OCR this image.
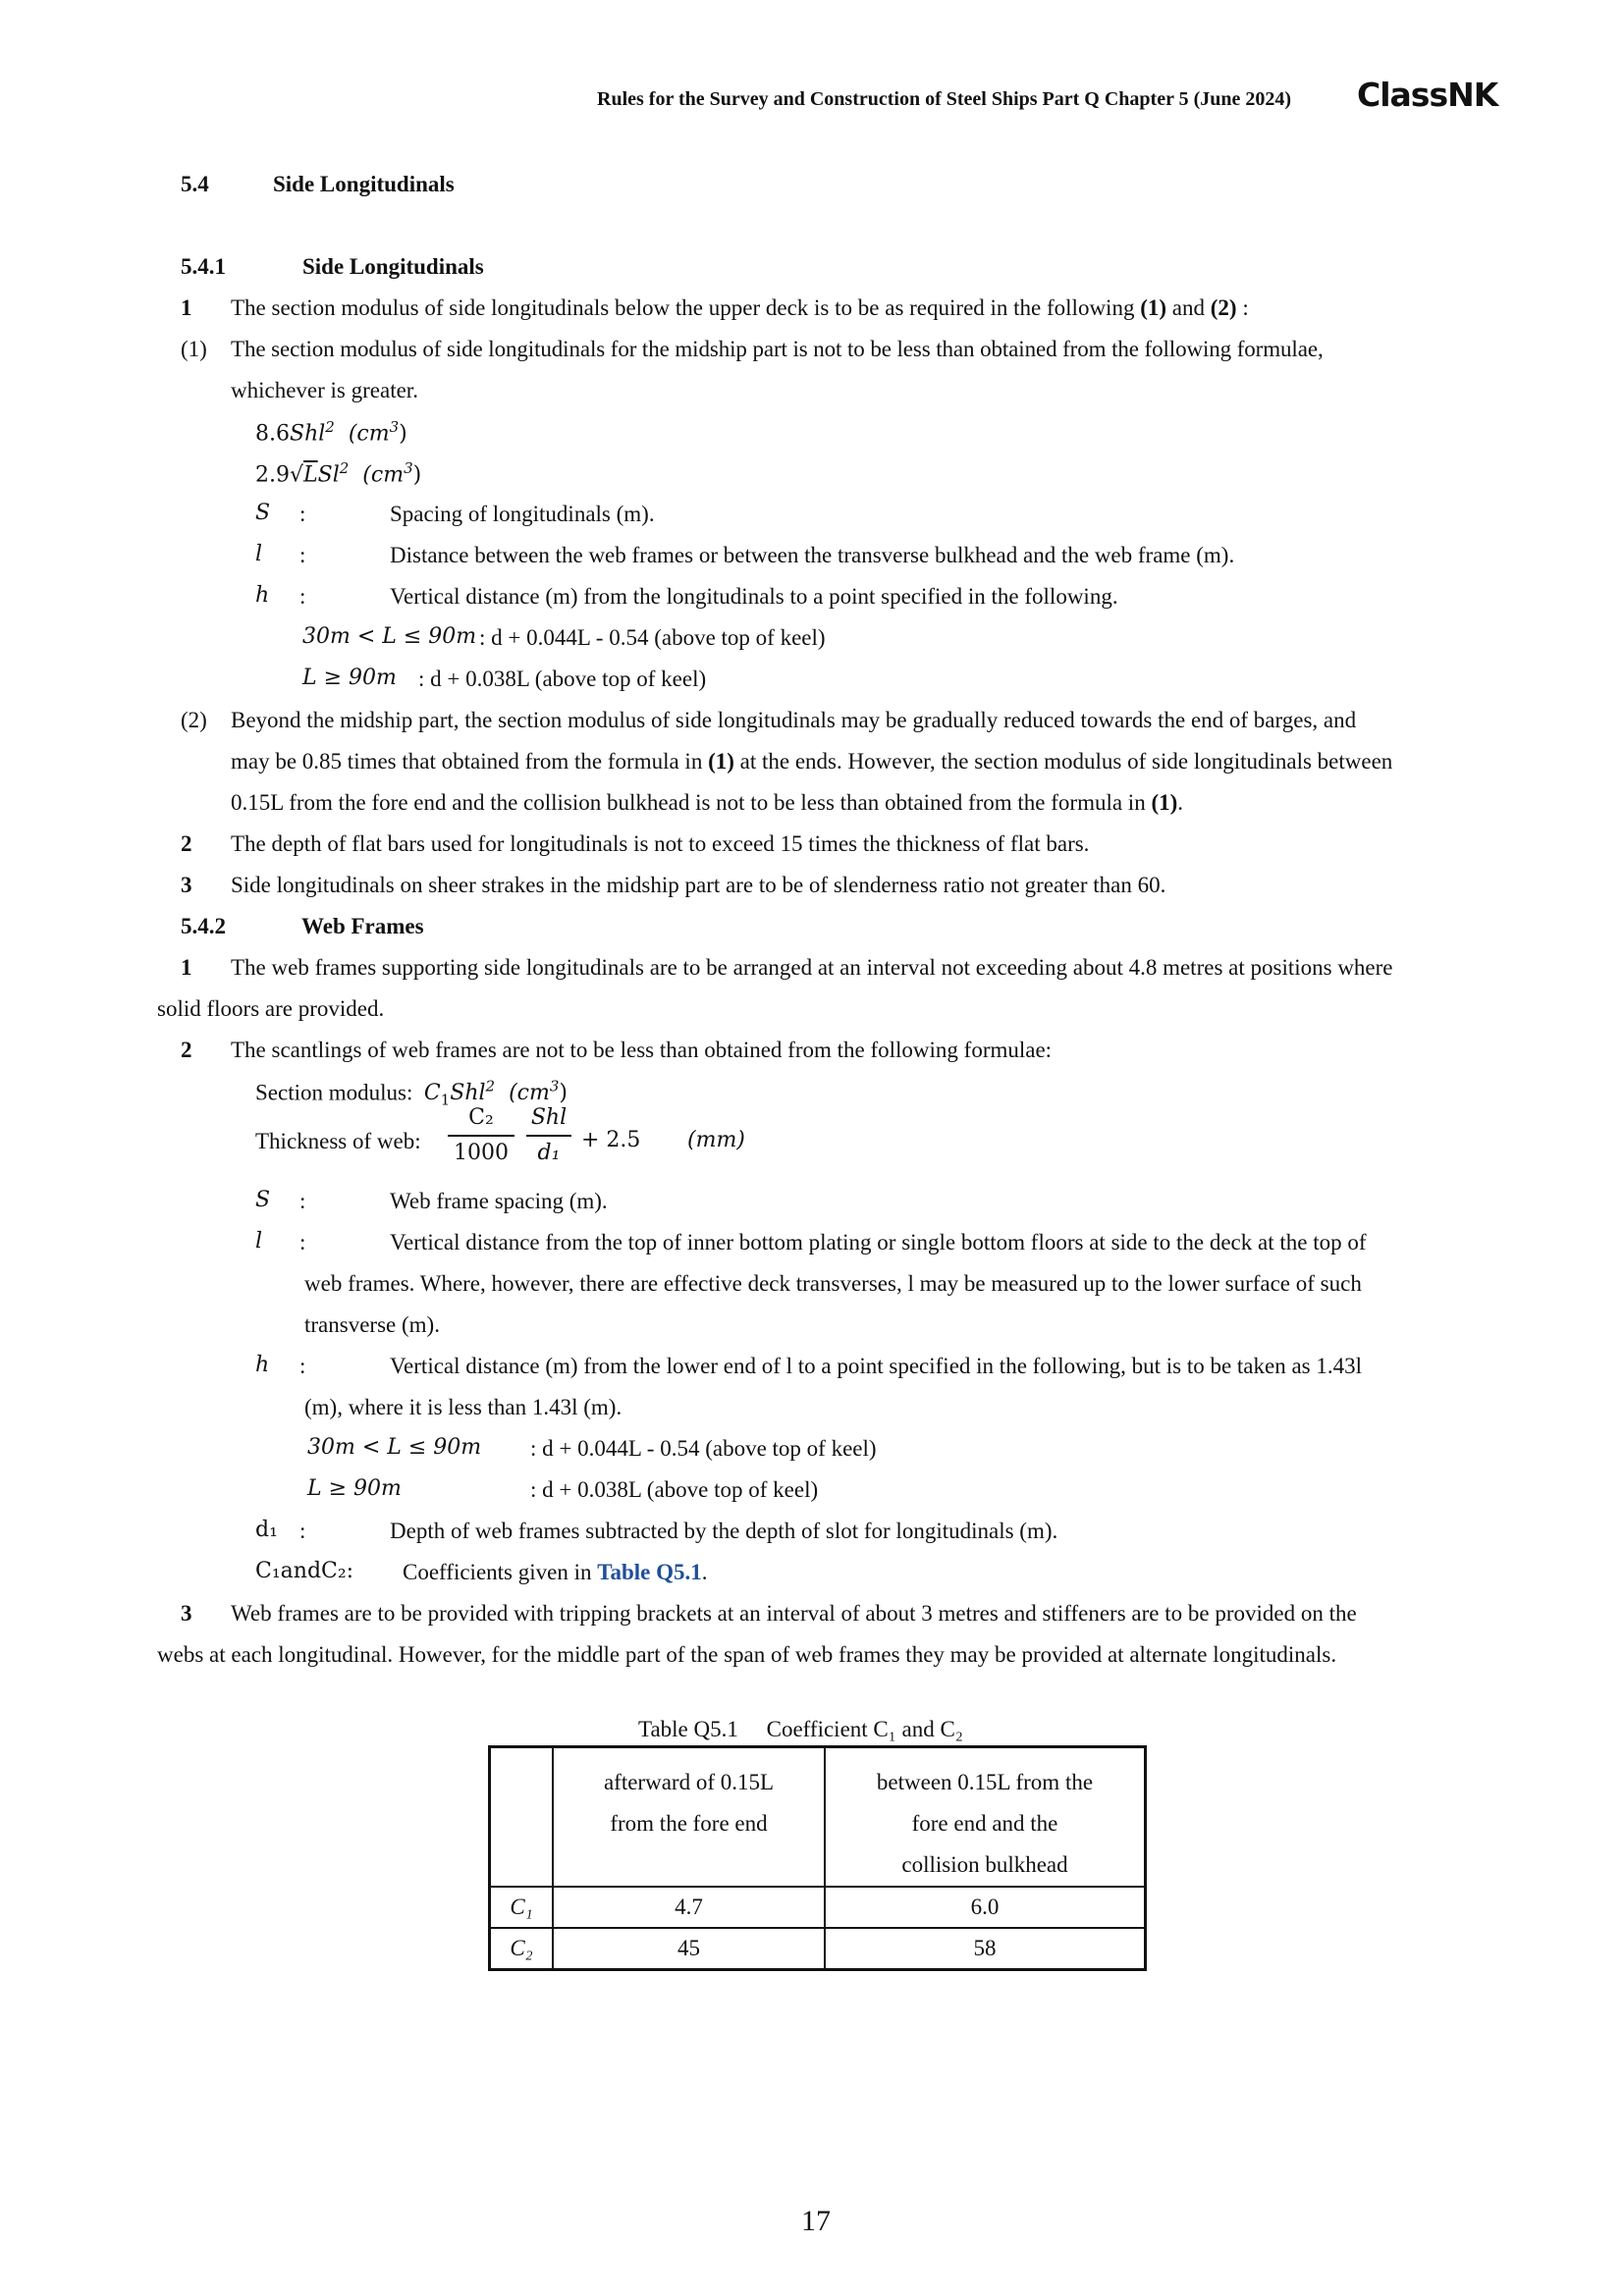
Rules for the Survey and Construction of Steel Ships Part Q Chapter 5 (June 2024) ClassNK
5.4	Side Longitudinals
5.4.1	Side Longitudinals
1 The section modulus of side longitudinals below the upper deck is to be as required in the following (1) and (2) :
(1) The section modulus of side longitudinals for the midship part is not to be less than obtained from the following formulae,
whichever is greater.
8.6Shl$^2$ $(cm^3)$
2.9√LSl$^2$ $(cm^3)$
S :	Spacing of longitudinals (m).
l :	Distance between the web frames or between the transverse bulkhead and the web frame (m).
h :	Vertical distance (m) from the longitudinals to a point specified in the following.
30m < L ≤ 90m : d + 0.044L - 0.54 (above top of keel)
L ≥ 90m : d + 0.038L (above top of keel)
(2) Beyond the midship part, the section modulus of side longitudinals may be gradually reduced towards the end of barges, and
may be 0.85 times that obtained from the formula in (1) at the ends. However, the section modulus of side longitudinals between
0.15L from the fore end and the collision bulkhead is not to be less than obtained from the formula in (1).
2 The depth of flat bars used for longitudinals is not to exceed 15 times the thickness of flat bars.
3 Side longitudinals on sheer strakes in the midship part are to be of slenderness ratio not greater than 60.
5.4.2	Web Frames
1 The web frames supporting side longitudinals are to be arranged at an interval not exceeding about 4.8 metres at positions where
solid floors are provided.
2 The scantlings of web frames are not to be less than obtained from the following formulae:
Section modulus: $C_1Shl^2$ $(cm^3)$
Thickness of web:
C₂
1000
Shl
d₁
+ 2.5 (mm)
S :	Web frame spacing (m).
l :	Vertical distance from the top of inner bottom plating or single bottom floors at side to the deck at the top of
web frames. Where, however, there are effective deck transverses, l may be measured up to the lower surface of such
transverse (m).
h :	Vertical distance (m) from the lower end of l to a point specified in the following, but is to be taken as 1.43l
(m), where it is less than 1.43l (m).
30m < L ≤ 90m : d + 0.044L - 0.54 (above top of keel)
L ≥ 90m	: d + 0.038L (above top of keel)
d₁ :	Depth of web frames subtracted by the depth of slot for longitudinals (m).
C₁andC₂: Coefficients given in Table Q5.1.
3 Web frames are to be provided with tripping brackets at an interval of about 3 metres and stiffeners are to be provided on the
webs at each longitudinal. However, for the middle part of the span of web frames they may be provided at alternate longitudinals.
Table Q5.1 Coefficient C₁ and C₂
	afterward of 0.15L
from the fore end	between 0.15L from the
fore end and the
collision bulkhead
C₁	4.7	6.0
C₂	45	58
17
